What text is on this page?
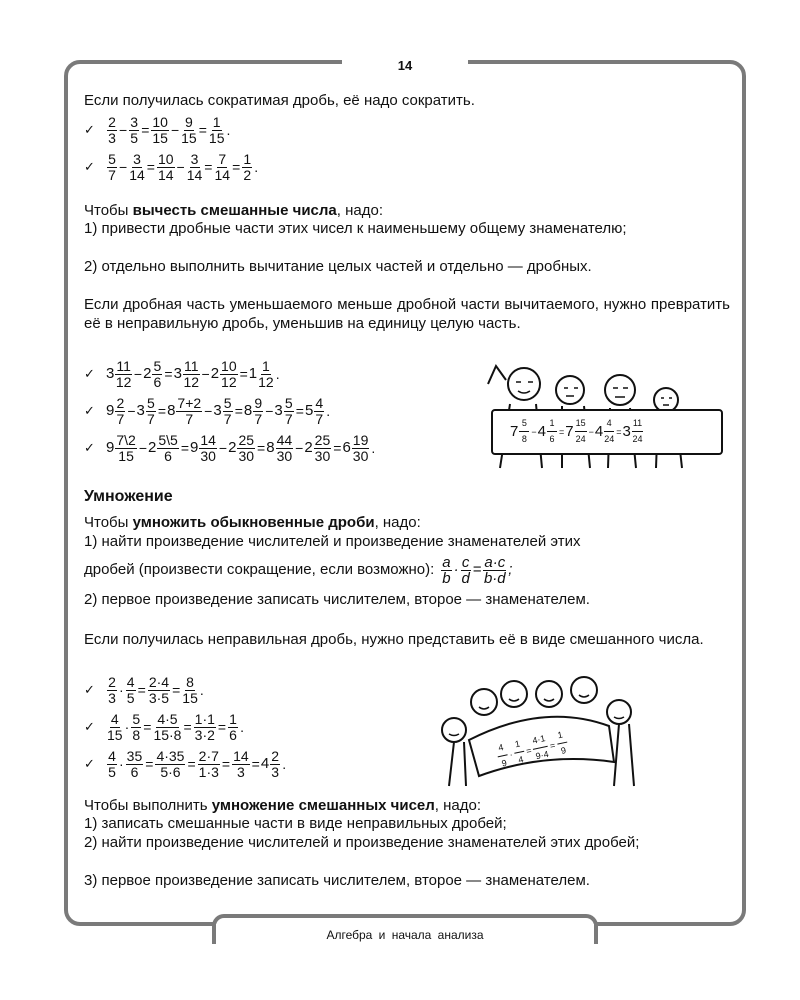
14
Алгебра и начала анализа

Если получилась сократимая дробь, её надо сократить.

✓ $\frac{2}{3} - \frac{3}{5} = \frac{10}{15} - \frac{9}{15} = \frac{1}{15}$ .
✓ $\frac{5}{7} - \frac{3}{14} = \frac{10}{14} - \frac{3}{14} = \frac{7}{14} = \frac{1}{2}$ .

Чтобы вычесть смешанные числа, надо:

1) привести дробные части этих чисел к наименьшему общему знаменателю;

2) отдельно выполнить вычитание целых частей и отдельно — дробных.

Если дробная часть уменьшаемого меньше дробной части вычитаемого, нужно превратить её в неправильную дробь, уменьшив на единицу целую часть.

✓ $3 \frac{11}{12} - 2 \frac{5}{6} = 3 \frac{11}{12} - 2 \frac{10}{12} = 1 \frac{1}{12}$ .
✓ $9 \frac{2}{7} - 3 \frac{5}{7} = 8 \frac{7+2}{7} - 3 \frac{5}{7} = 8 \frac{9}{7} - 3 \frac{5}{7} = 5 \frac{4}{7}$ .
✓ $9 \frac{7\backslash 2}{15} - 2 \frac{5\backslash 5}{6} = 9 \frac{14}{30} - 2 \frac{25}{30} = 8 \frac{44}{30} - 2 \frac{25}{30} = 6 \frac{19}{30}$ .
Умножение

Чтобы умножить обыкновенные дроби, надо:

1) найти произведение числителей и произведение знаменателей этих

дробей (произвести сокращение, если возможно): $\frac{a}{b} \cdot \frac{c}{d} = \frac{a\cdot c}{b\cdot d}$ ;

2) первое произведение записать числителем, второе — знаменателем.

Если получилась неправильная дробь, нужно представить её в виде смешанного числа.

✓ $\frac{2}{3} \cdot \frac{4}{5} = \frac{2\cdot 4}{3\cdot 5} = \frac{8}{15}$ .
✓ $\frac{4}{15} \cdot \frac{5}{8} = \frac{4\cdot 5}{15\cdot 8} = \frac{1\cdot 1}{3\cdot 2} = \frac{1}{6}$ .
✓ $\frac{4}{5} \cdot \frac{35}{6} = \frac{4\cdot 35}{5\cdot 6} = \frac{2\cdot 7}{1\cdot 3} = \frac{14}{3} = 4 \frac{2}{3}$ .

Чтобы выполнить умножение смешанных чисел, надо:

1) записать смешанные части в виде неправильных дробей;

2) найти произведение числителей и произведение знаменателей этих дробей;

3) первое произведение записать числителем, второе — знаменателем.

$7 \frac{5}{8} - 4 \frac{1}{6} = 7 \frac{15}{24} - 4 \frac{4}{24} = 3 \frac{11}{24}$
$\frac{4}{9}$
·
$\frac{1}{4}$
=
$\frac{4\cdot 1}{9\cdot 4}$
=
$\frac{1}{9}$
